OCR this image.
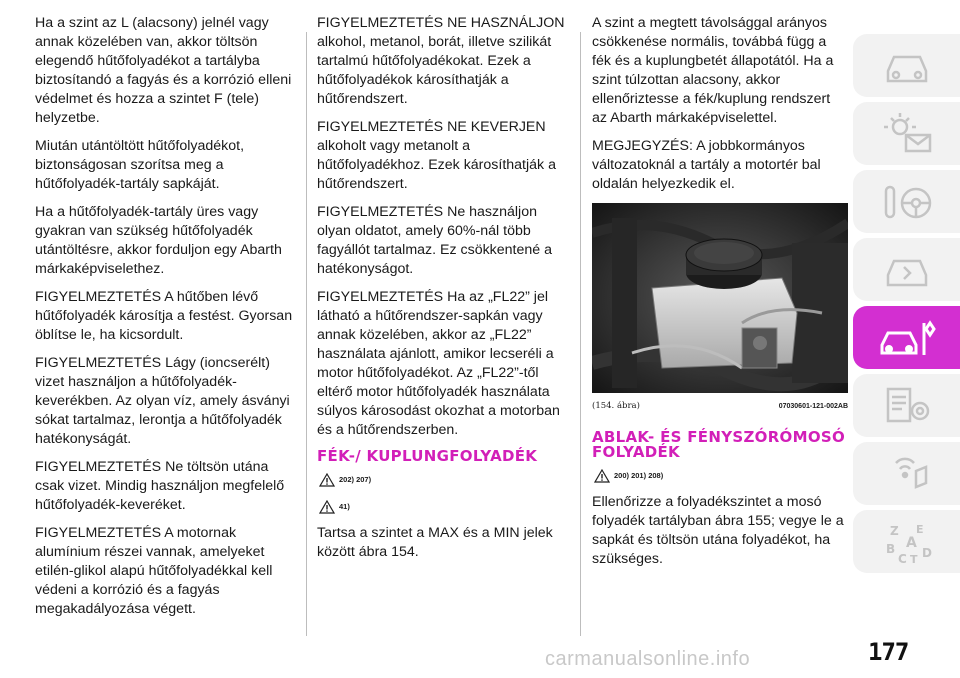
Ha a szint az L (alacsony) jelnél vagy annak közelében van, akkor töltsön elegendő hűtőfolyadékot a tartályba biztosítandó a fagyás és a korrózió elleni védelmet és hozza a szintet F (tele) helyzetbe.

Miután utántöltött hűtőfolyadékot, biztonságosan szorítsa meg a hűtőfolyadék-tartály sapkáját.

Ha a hűtőfolyadék-tartály üres vagy gyakran van szükség hűtőfolyadék utántöltésre, akkor forduljon egy Abarth márkaképviselethez.

FIGYELMEZTETÉS A hűtőben lévő hűtőfolyadék károsítja a festést. Gyorsan öblítse le, ha kicsordult.

FIGYELMEZTETÉS Lágy (ioncserélt) vizet használjon a hűtőfolyadék-keverékben. Az olyan víz, amely ásványi sókat tartalmaz, lerontja a hűtőfolyadék hatékonyságát.

FIGYELMEZTETÉS Ne töltsön utána csak vizet. Mindig használjon megfelelő hűtőfolyadék-keveréket.

FIGYELMEZTETÉS A motornak alumínium részei vannak, amelyeket etilén-glikol alapú hűtőfolyadékkal kell védeni a korrózió és a fagyás megakadályozása végett.

FIGYELMEZTETÉS NE HASZNÁLJON alkohol, metanol, borát, illetve szilikát tartalmú hűtőfolyadékokat. Ezek a hűtőfolyadékok károsíthatják a hűtőrendszert.

FIGYELMEZTETÉS NE KEVERJEN alkoholt vagy metanolt a hűtőfolyadékhoz. Ezek károsíthatják a hűtőrendszert.

FIGYELMEZTETÉS Ne használjon olyan oldatot, amely 60%-nál több fagyállót tartalmaz. Ez csökkentené a hatékonyságot.

FIGYELMEZTETÉS Ha az „FL22” jel látható a hűtőrendszer-sapkán vagy annak közelében, akkor az „FL22” használata ajánlott, amikor lecseréli a motor hűtőfolyadékot. Az „FL22”-től eltérő motor hűtőfolyadék használata súlyos károsodást okozhat a motorban és a hűtőrendszerben.

FÉK-/ KUPLUNGFOLYADÉK
202) 207)
41)

Tartsa a szintet a MAX és a MIN jelek között ábra 154.

A szint a megtett távolsággal arányos csökkenése normális, továbbá függ a fék és a kuplungbetét állapotától. Ha a szint túlzottan alacsony, akkor ellenőriztesse a fék/kuplung rendszert az Abarth márkaképviselettel.

MEGJEGYZÉS: A jobbkormányos változatoknál a tartály a motortér bal oldalán helyezkedik el.

(154. ábra)	07030601-121-002AB
ABLAK- ÉS FÉNYSZÓRÓMOSÓ FOLYADÉK
200) 201) 208)

Ellenőrizze a folyadékszintet a mosó folyadék tartályban ábra 155; vegye le a sapkát és töltsön utána folyadékot, ha szükséges.

Z E
A
B
C T D
carmanualsonline.info	177
